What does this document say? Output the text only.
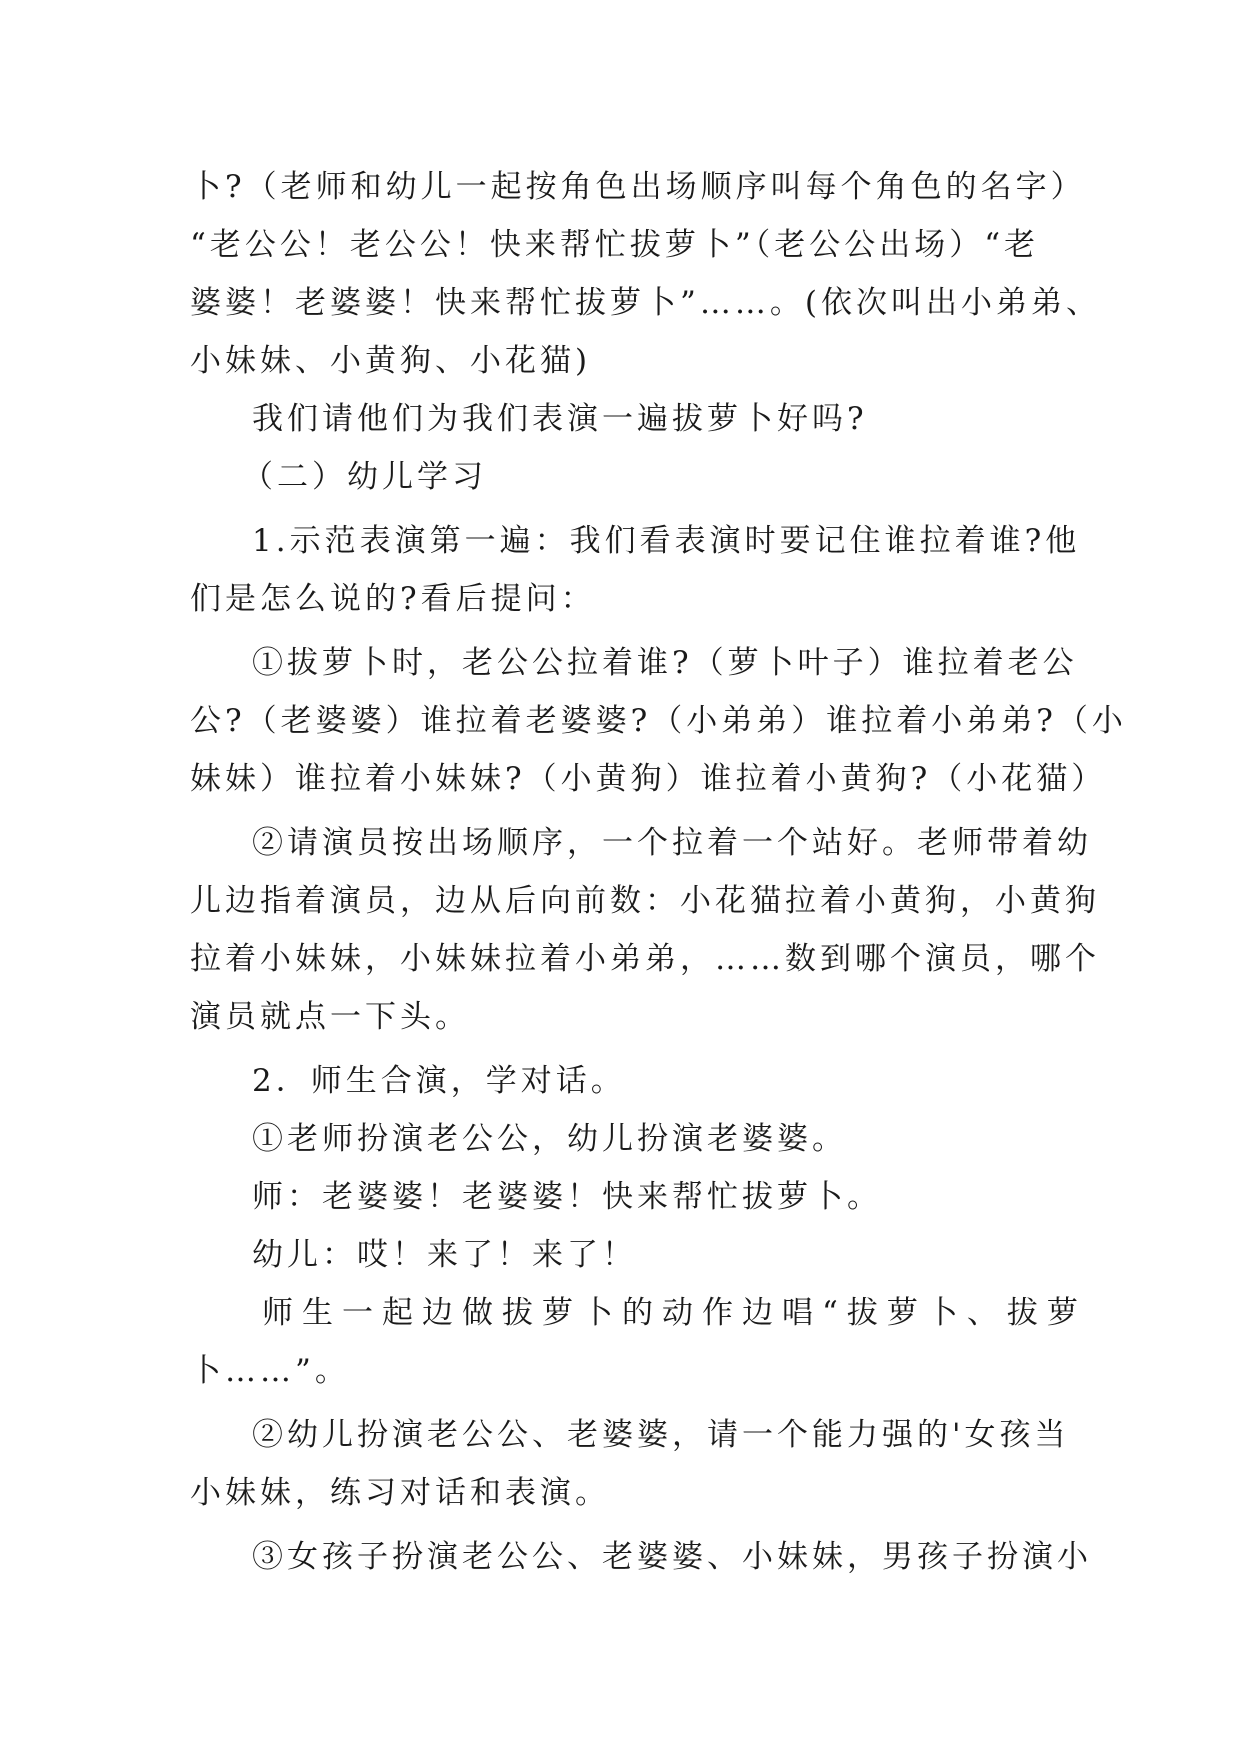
卜?（老师和幼儿一起按角色出场顺序叫每个角色的名字）
“老公公！老公公！快来帮忙拔萝卜”（老公公出场）“老
婆婆！老婆婆！快来帮忙拔萝卜”……。(依次叫出小弟弟、
小妹妹、小黄狗、小花猫)
我们请他们为我们表演一遍拔萝卜好吗?
（二）幼儿学习
1.示范表演第一遍：我们看表演时要记住谁拉着谁?他
们是怎么说的?看后提问：
①拔萝卜时，老公公拉着谁?（萝卜叶子）谁拉着老公
公?（老婆婆）谁拉着老婆婆?（小弟弟）谁拉着小弟弟?（小
妹妹）谁拉着小妹妹?（小黄狗）谁拉着小黄狗?（小花猫）
②请演员按出场顺序，一个拉着一个站好。老师带着幼
儿边指着演员，边从后向前数：小花猫拉着小黄狗，小黄狗
拉着小妹妹，小妹妹拉着小弟弟，……数到哪个演员，哪个
演员就点一下头。
2．师生合演，学对话。
①老师扮演老公公，幼儿扮演老婆婆。
师：老婆婆！老婆婆！快来帮忙拔萝卜。
幼儿：哎！来了！来了！
师生一起边做拔萝卜的动作边唱“拔萝卜、拔萝
卜……”。
②幼儿扮演老公公、老婆婆，请一个能力强的'女孩当
小妹妹，练习对话和表演。
③女孩子扮演老公公、老婆婆、小妹妹，男孩子扮演小
